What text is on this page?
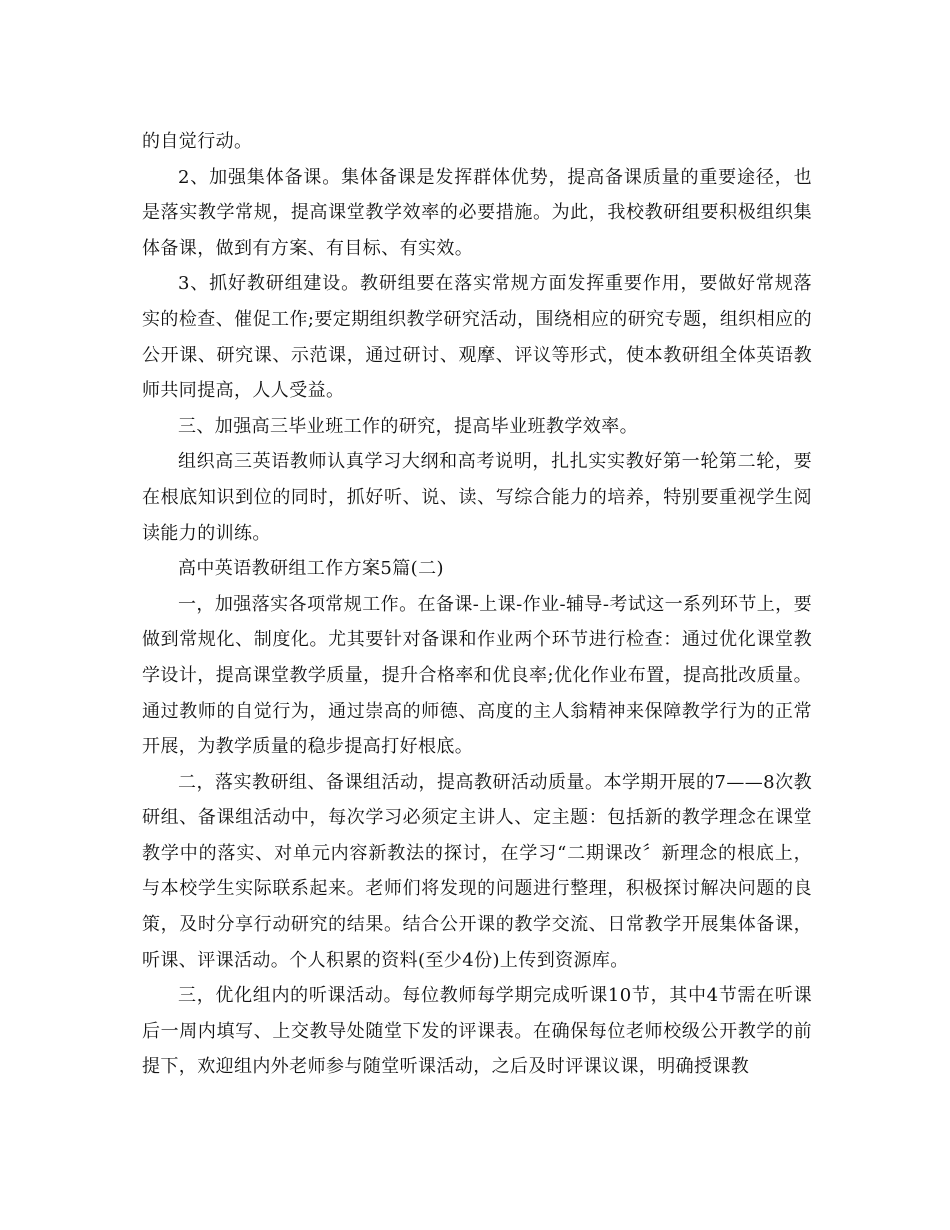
的自觉行动。

2、加强集体备课。集体备课是发挥群体优势，提高备课质量的重要途径，也是落实教学常规，提高课堂教学效率的必要措施。为此，我校教研组要积极组织集体备课，做到有方案、有目标、有实效。

3、抓好教研组建设。教研组要在落实常规方面发挥重要作用，要做好常规落实的检查、催促工作;要定期组织教学研究活动，围绕相应的研究专题，组织相应的公开课、研究课、示范课，通过研讨、观摩、评议等形式，使本教研组全体英语教师共同提高，人人受益。

三、加强高三毕业班工作的研究，提高毕业班教学效率。

组织高三英语教师认真学习大纲和高考说明，扎扎实实教好第一轮第二轮，要在根底知识到位的同时，抓好听、说、读、写综合能力的培养，特别要重视学生阅读能力的训练。

高中英语教研组工作方案5篇(二)

一，加强落实各项常规工作。在备课-上课-作业-辅导-考试这一系列环节上，要做到常规化、制度化。尤其要针对备课和作业两个环节进行检查：通过优化课堂教学设计，提高课堂教学质量，提升合格率和优良率;优化作业布置，提高批改质量。通过教师的自觉行为，通过崇高的师德、高度的主人翁精神来保障教学行为的正常开展，为教学质量的稳步提高打好根底。

二，落实教研组、备课组活动，提高教研活动质量。本学期开展的7——8次教研组、备课组活动中，每次学习必须定主讲人、定主题：包括新的教学理念在课堂教学中的落实、对单元内容新教法的探讨，在学习“二期课改〞新理念的根底上，与本校学生实际联系起来。老师们将发现的问题进行整理，积极探讨解决问题的良策，及时分享行动研究的结果。结合公开课的教学交流、日常教学开展集体备课，听课、评课活动。个人积累的资料(至少4份)上传到资源库。

三，优化组内的听课活动。每位教师每学期完成听课10节，其中4节需在听课后一周内填写、上交教导处随堂下发的评课表。在确保每位老师校级公开教学的前提下，欢迎组内外老师参与随堂听课活动，之后及时评课议课，明确授课教
